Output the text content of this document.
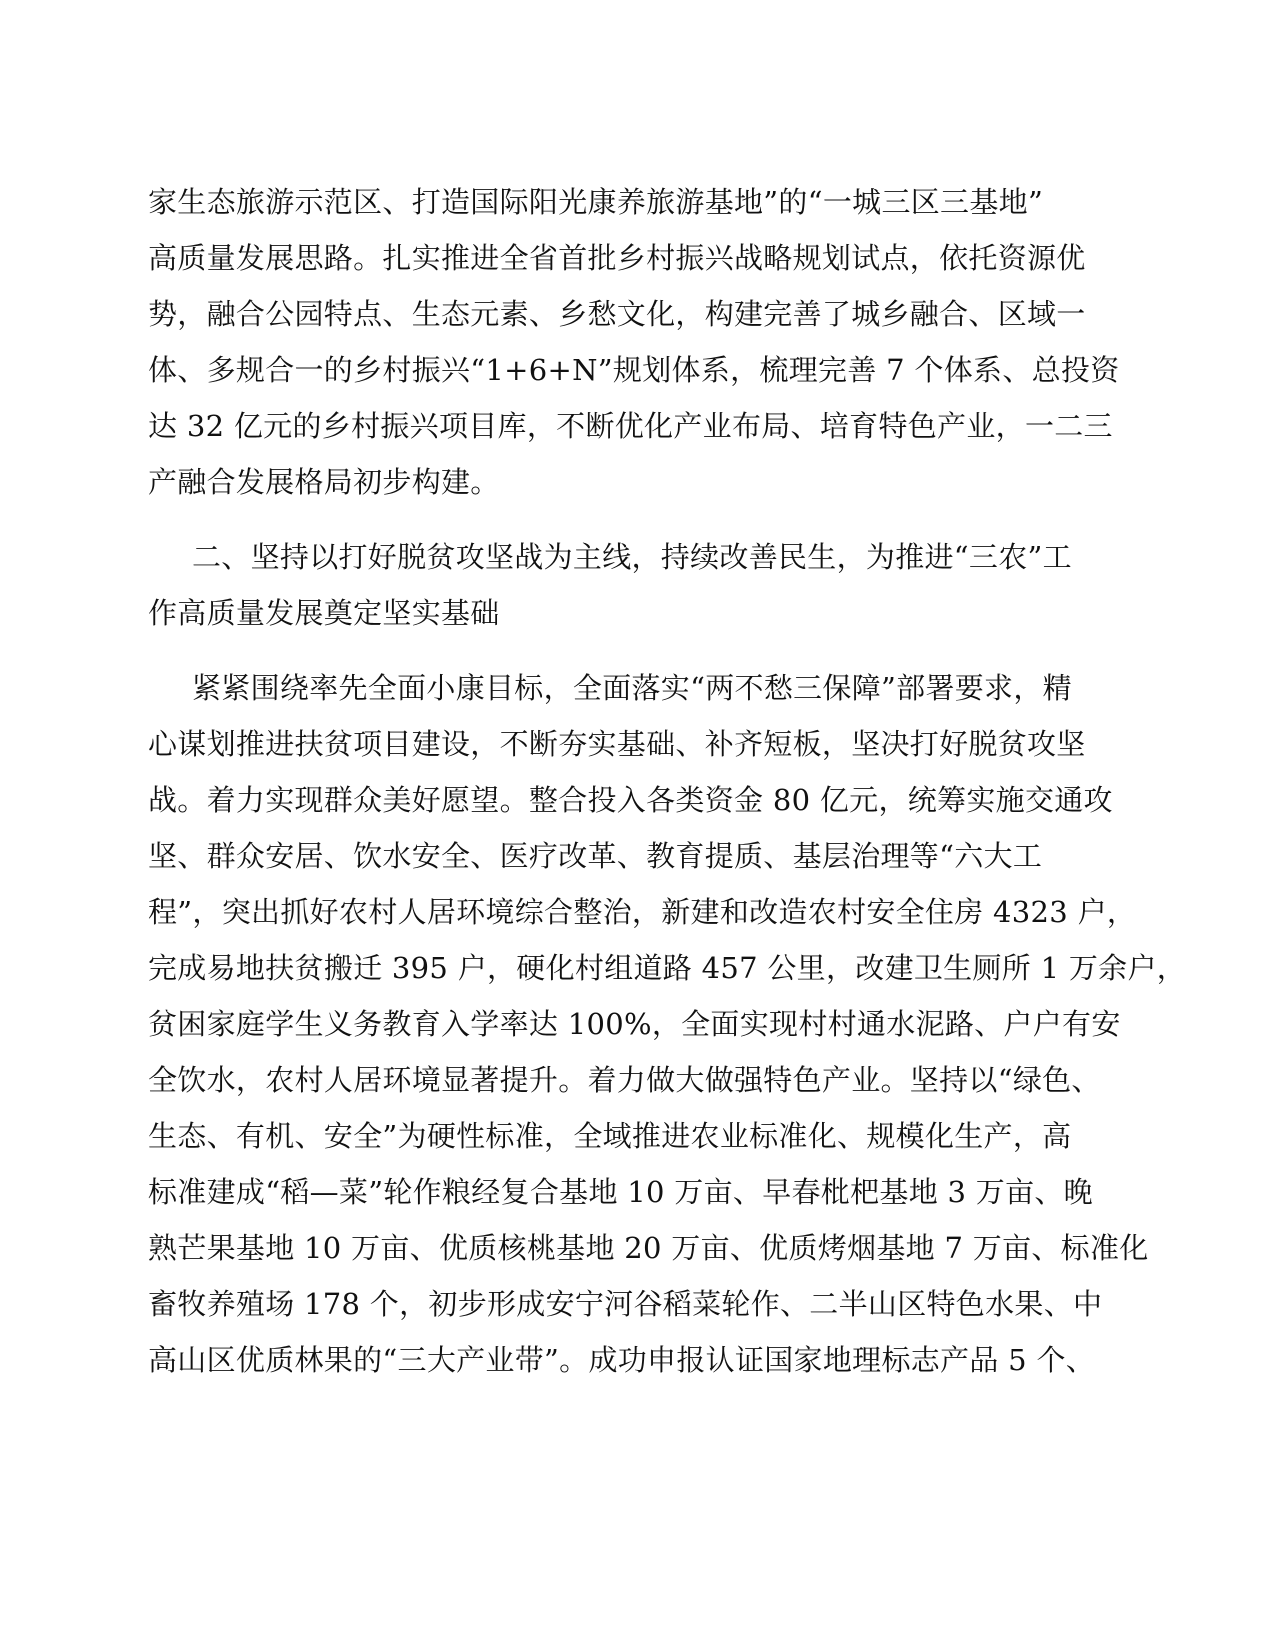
家生态旅游示范区、打造国际阳光康养旅游基地”的“一城三区三基地”
高质量发展思路。扎实推进全省首批乡村振兴战略规划试点，依托资源优
势，融合公园特点、生态元素、乡愁文化，构建完善了城乡融合、区域一
体、多规合一的乡村振兴“1+6+N”规划体系，梳理完善 7 个体系、总投资
达 32 亿元的乡村振兴项目库，不断优化产业布局、培育特色产业，一二三
产融合发展格局初步构建。
二、坚持以打好脱贫攻坚战为主线，持续改善民生，为推进“三农”工
作高质量发展奠定坚实基础
紧紧围绕率先全面小康目标，全面落实“两不愁三保障”部署要求，精
心谋划推进扶贫项目建设，不断夯实基础、补齐短板，坚决打好脱贫攻坚
战。着力实现群众美好愿望。整合投入各类资金 80 亿元，统筹实施交通攻
坚、群众安居、饮水安全、医疗改革、教育提质、基层治理等“六大工
程”，突出抓好农村人居环境综合整治，新建和改造农村安全住房 4323 户，
完成易地扶贫搬迁 395 户，硬化村组道路 457 公里，改建卫生厕所 1 万余户，
贫困家庭学生义务教育入学率达 100%，全面实现村村通水泥路、户户有安
全饮水，农村人居环境显著提升。着力做大做强特色产业。坚持以“绿色、
生态、有机、安全”为硬性标准，全域推进农业标准化、规模化生产，高
标准建成“稻—菜”轮作粮经复合基地 10 万亩、早春枇杷基地 3 万亩、晚
熟芒果基地 10 万亩、优质核桃基地 20 万亩、优质烤烟基地 7 万亩、标准化
畜牧养殖场 178 个，初步形成安宁河谷稻菜轮作、二半山区特色水果、中
高山区优质林果的“三大产业带”。成功申报认证国家地理标志产品 5 个、
